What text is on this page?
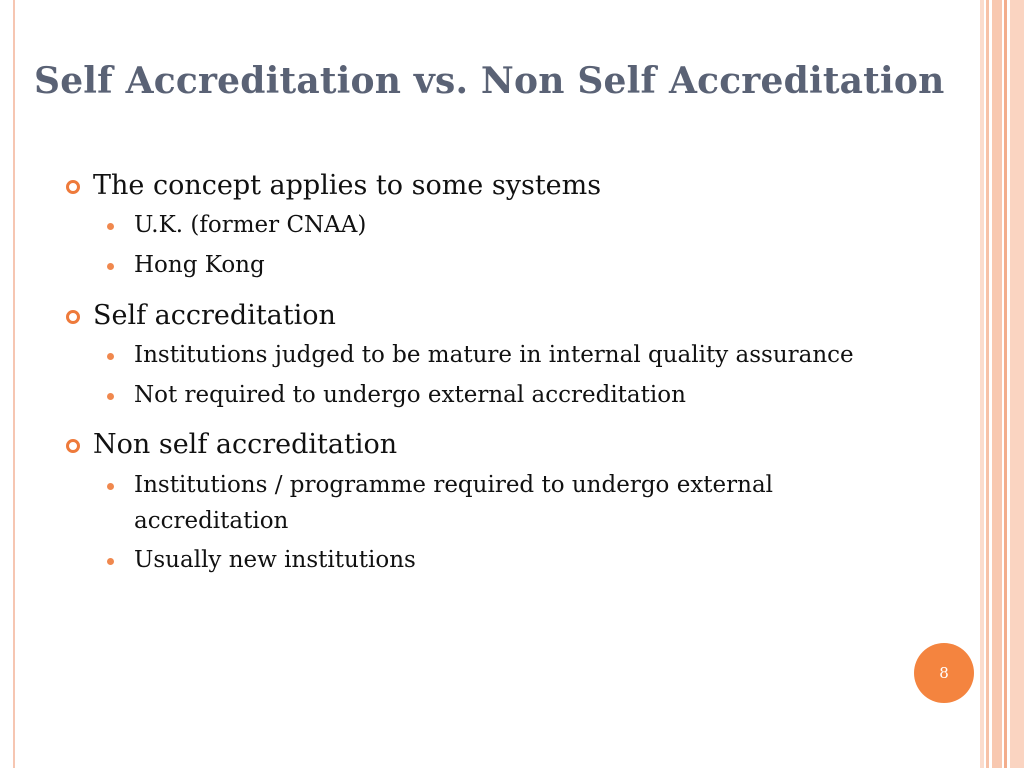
Self Accreditation vs. Non Self Accreditation
The concept applies to some systems
U.K. (former CNAA)
Hong Kong
Self accreditation
Institutions judged to be mature in internal quality assurance
Not required to undergo external accreditation
Non self accreditation
Institutions / programme required to undergo external accreditation
Usually new institutions
8
